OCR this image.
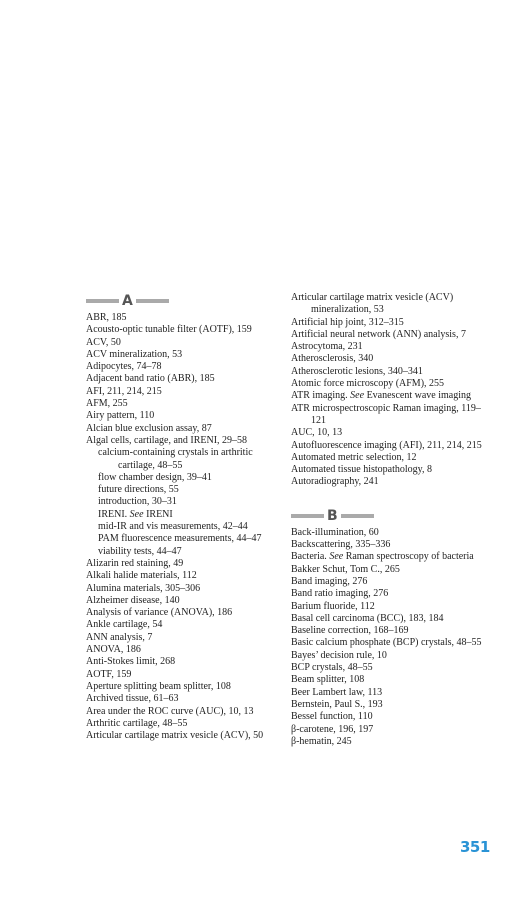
A
ABR, 185
Acousto-optic tunable filter (AOTF), 159
ACV, 50
ACV mineralization, 53
Adipocytes, 74–78
Adjacent band ratio (ABR), 185
AFI, 211, 214, 215
AFM, 255
Airy pattern, 110
Alcian blue exclusion assay, 87
Algal cells, cartilage, and IRENI, 29–58
calcium-containing crystals in arthritic cartilage, 48–55
flow chamber design, 39–41
future directions, 55
introduction, 30–31
IRENI. See IRENI
mid-IR and vis measurements, 42–44
PAM fluorescence measurements, 44–47
viability tests, 44–47
Alizarin red staining, 49
Alkali halide materials, 112
Alumina materials, 305–306
Alzheimer disease, 140
Analysis of variance (ANOVA), 186
Ankle cartilage, 54
ANN analysis, 7
ANOVA, 186
Anti-Stokes limit, 268
AOTF, 159
Aperture splitting beam splitter, 108
Archived tissue, 61–63
Area under the ROC curve (AUC), 10, 13
Arthritic cartilage, 48–55
Articular cartilage matrix vesicle (ACV), 50
Articular cartilage matrix vesicle (ACV) mineralization, 53
Artificial hip joint, 312–315
Artificial neural network (ANN) analysis, 7
Astrocytoma, 231
Atherosclerosis, 340
Atherosclerotic lesions, 340–341
Atomic force microscopy (AFM), 255
ATR imaging. See Evanescent wave imaging
ATR microspectroscopic Raman imaging, 119–121
AUC, 10, 13
Autofluorescence imaging (AFI), 211, 214, 215
Automated metric selection, 12
Automated tissue histopathology, 8
Autoradiography, 241
B
Back-illumination, 60
Backscattering, 335–336
Bacteria. See Raman spectroscopy of bacteria
Bakker Schut, Tom C., 265
Band imaging, 276
Band ratio imaging, 276
Barium fluoride, 112
Basal cell carcinoma (BCC), 183, 184
Baseline correction, 168–169
Basic calcium phosphate (BCP) crystals, 48–55
Bayes’ decision rule, 10
BCP crystals, 48–55
Beam splitter, 108
Beer Lambert law, 113
Bernstein, Paul S., 193
Bessel function, 110
β-carotene, 196, 197
β-hematin, 245
351
